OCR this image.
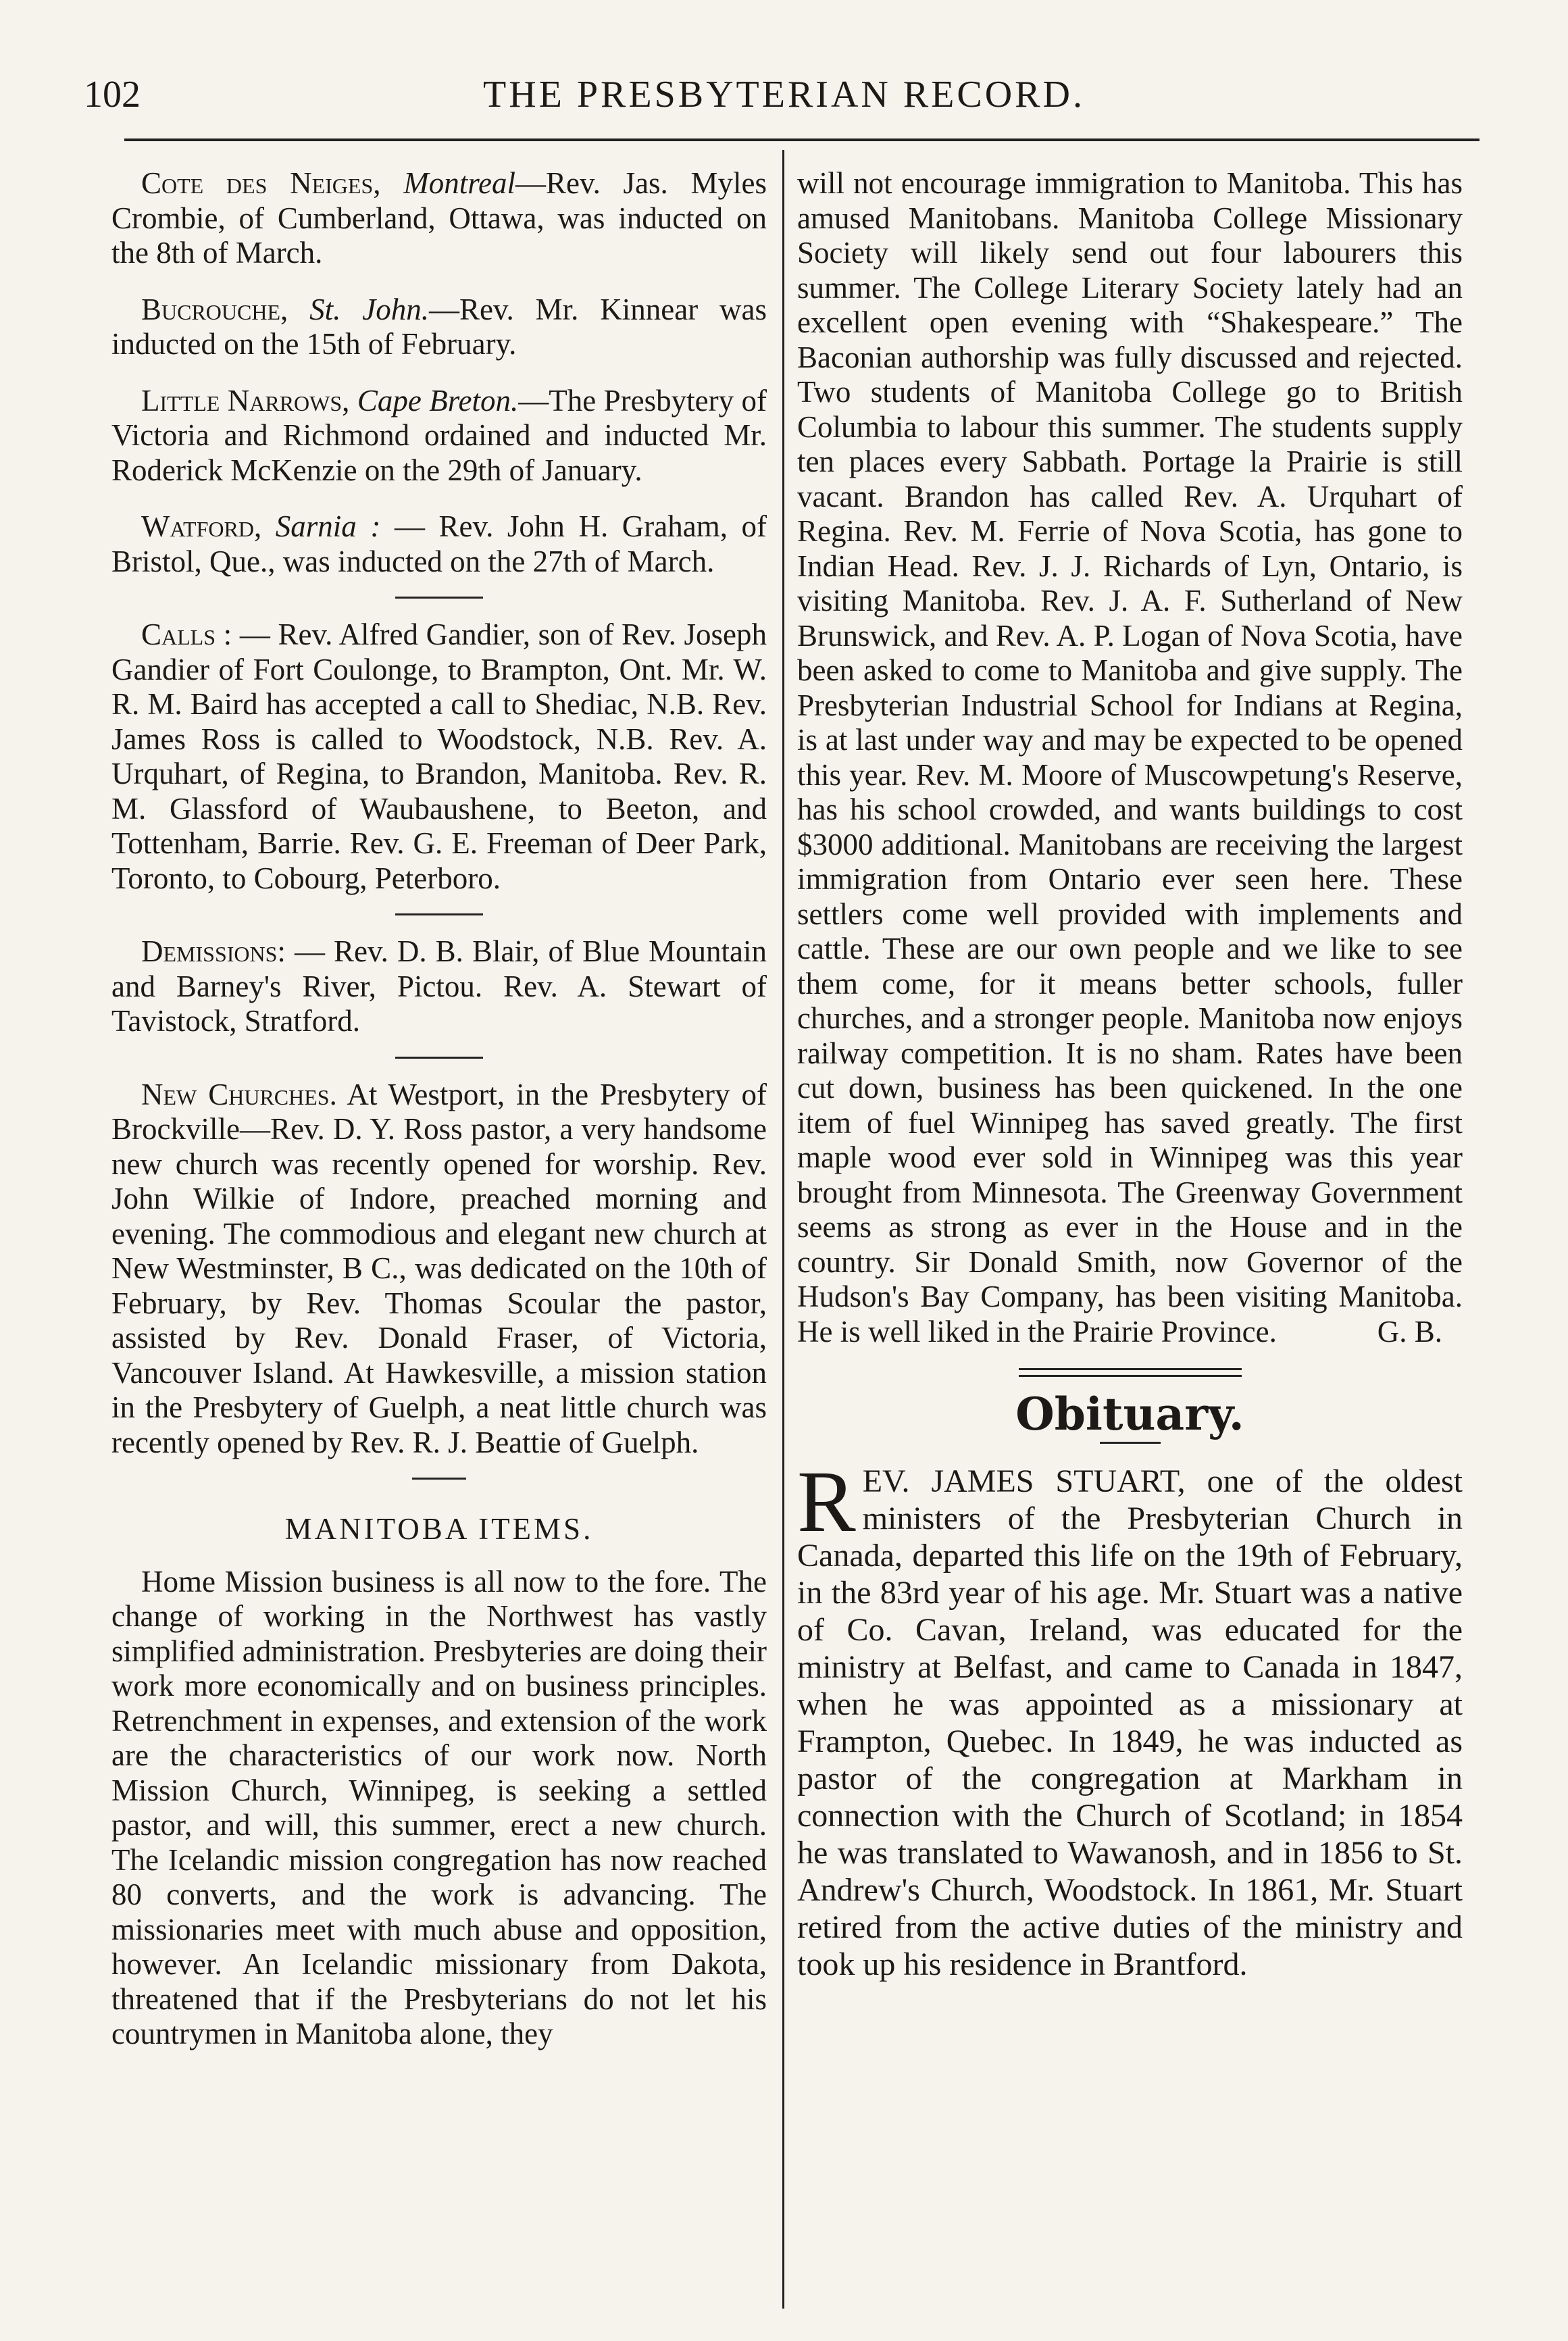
102	THE PRESBYTERIAN RECORD.

Cote des Neiges, Montreal—Rev. Jas. Myles Crombie, of Cumberland, Ottawa, was inducted on the 8th of March.

Bucrouche, St. John.—Rev. Mr. Kinnear was inducted on the 15th of February.

Little Narrows, Cape Breton.—The Presbytery of Victoria and Richmond ordained and inducted Mr. Roderick McKenzie on the 29th of January.

Watford, Sarnia : — Rev. John H. Graham, of Bristol, Que., was inducted on the 27th of March.

Calls : — Rev. Alfred Gandier, son of Rev. Joseph Gandier of Fort Coulonge, to Brampton, Ont. Mr. W. R. M. Baird has accepted a call to Shediac, N.B. Rev. James Ross is called to Woodstock, N.B. Rev. A. Urquhart, of Regina, to Brandon, Manitoba. Rev. R. M. Glassford of Waubaushene, to Beeton, and Tottenham, Barrie. Rev. G. E. Freeman of Deer Park, Toronto, to Cobourg, Peterboro.

Demissions: — Rev. D. B. Blair, of Blue Mountain and Barney's River, Pictou. Rev. A. Stewart of Tavistock, Stratford.

New Churches. At Westport, in the Presbytery of Brockville—Rev. D. Y. Ross pastor, a very handsome new church was recently opened for worship. Rev. John Wilkie of Indore, preached morning and evening. The commodious and elegant new church at New Westminster, B C., was dedicated on the 10th of February, by Rev. Thomas Scoular the pastor, assisted by Rev. Donald Fraser, of Victoria, Vancouver Island. At Hawkesville, a mission station in the Presbytery of Guelph, a neat little church was recently opened by Rev. R. J. Beattie of Guelph.

MANITOBA ITEMS.

Home Mission business is all now to the fore. The change of working in the Northwest has vastly simplified administration. Presbyteries are doing their work more economically and on business principles. Retrenchment in expenses, and extension of the work are the characteristics of our work now. North Mission Church, Winnipeg, is seeking a settled pastor, and will, this summer, erect a new church. The Icelandic mission congregation has now reached 80 converts, and the work is advancing. The missionaries meet with much abuse and opposition, however. An Icelandic missionary from Dakota, threatened that if the Presbyterians do not let his countrymen in Manitoba alone, they

will not encourage immigration to Manitoba. This has amused Manitobans. Manitoba College Missionary Society will likely send out four labourers this summer. The College Literary Society lately had an excellent open evening with “Shakespeare.” The Baconian authorship was fully discussed and rejected. Two students of Manitoba College go to British Columbia to labour this summer. The students supply ten places every Sabbath. Portage la Prairie is still vacant. Brandon has called Rev. A. Urquhart of Regina. Rev. M. Ferrie of Nova Scotia, has gone to Indian Head. Rev. J. J. Richards of Lyn, Ontario, is visiting Manitoba. Rev. J. A. F. Sutherland of New Brunswick, and Rev. A. P. Logan of Nova Scotia, have been asked to come to Manitoba and give supply. The Presbyterian Industrial School for Indians at Regina, is at last under way and may be expected to be opened this year. Rev. M. Moore of Muscowpetung's Reserve, has his school crowded, and wants buildings to cost $3000 additional. Manitobans are receiving the largest immigration from Ontario ever seen here. These settlers come well provided with implements and cattle. These are our own people and we like to see them come, for it means better schools, fuller churches, and a stronger people. Manitoba now enjoys railway competition. It is no sham. Rates have been cut down, business has been quickened. In the one item of fuel Winnipeg has saved greatly. The first maple wood ever sold in Winnipeg was this year brought from Minnesota. The Greenway Government seems as strong as ever in the House and in the country. Sir Donald Smith, now Governor of the Hudson's Bay Company, has been visiting Manitoba. He is well liked in the Prairie Province.	G. B.

Obituary.

REV. JAMES STUART, one of the oldest ministers of the Presbyterian Church in Canada, departed this life on the 19th of February, in the 83rd year of his age. Mr. Stuart was a native of Co. Cavan, Ireland, was educated for the ministry at Belfast, and came to Canada in 1847, when he was appointed as a missionary at Frampton, Quebec. In 1849, he was inducted as pastor of the congregation at Markham in connection with the Church of Scotland; in 1854 he was translated to Wawanosh, and in 1856 to St. Andrew's Church, Woodstock. In 1861, Mr. Stuart retired from the active duties of the ministry and took up his residence in Brantford.
